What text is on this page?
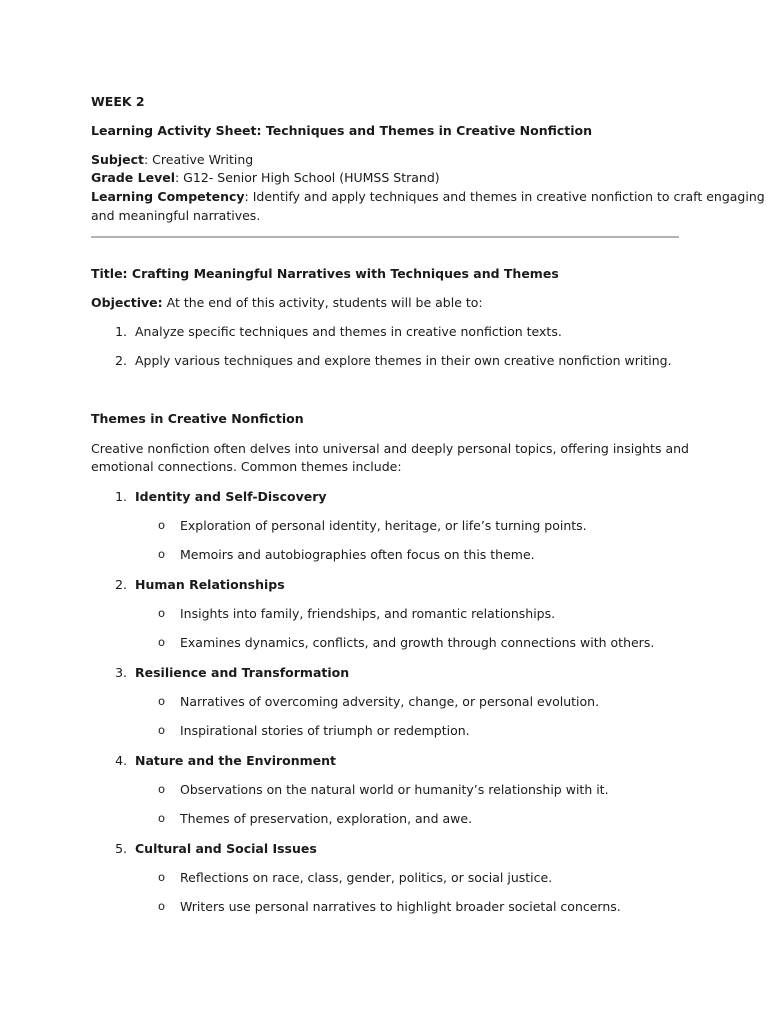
WEEK 2
Learning Activity Sheet: Techniques and Themes in Creative Nonfiction
Subject: Creative Writing
Grade Level: G12- Senior High School (HUMSS Strand)
Learning Competency: Identify and apply techniques and themes in creative nonfiction to craft engaging
and meaningful narratives.
Title: Crafting Meaningful Narratives with Techniques and Themes
Objective: At the end of this activity, students will be able to:
1. Analyze specific techniques and themes in creative nonfiction texts.
2. Apply various techniques and explore themes in their own creative nonfiction writing.
Themes in Creative Nonfiction
Creative nonfiction often delves into universal and deeply personal topics, offering insights and
emotional connections. Common themes include:
1. Identity and Self-Discovery
o Exploration of personal identity, heritage, or life’s turning points.
o Memoirs and autobiographies often focus on this theme.
2. Human Relationships
o Insights into family, friendships, and romantic relationships.
o Examines dynamics, conflicts, and growth through connections with others.
3. Resilience and Transformation
o Narratives of overcoming adversity, change, or personal evolution.
o Inspirational stories of triumph or redemption.
4. Nature and the Environment
o Observations on the natural world or humanity’s relationship with it.
o Themes of preservation, exploration, and awe.
5. Cultural and Social Issues
o Reflections on race, class, gender, politics, or social justice.
o Writers use personal narratives to highlight broader societal concerns.
